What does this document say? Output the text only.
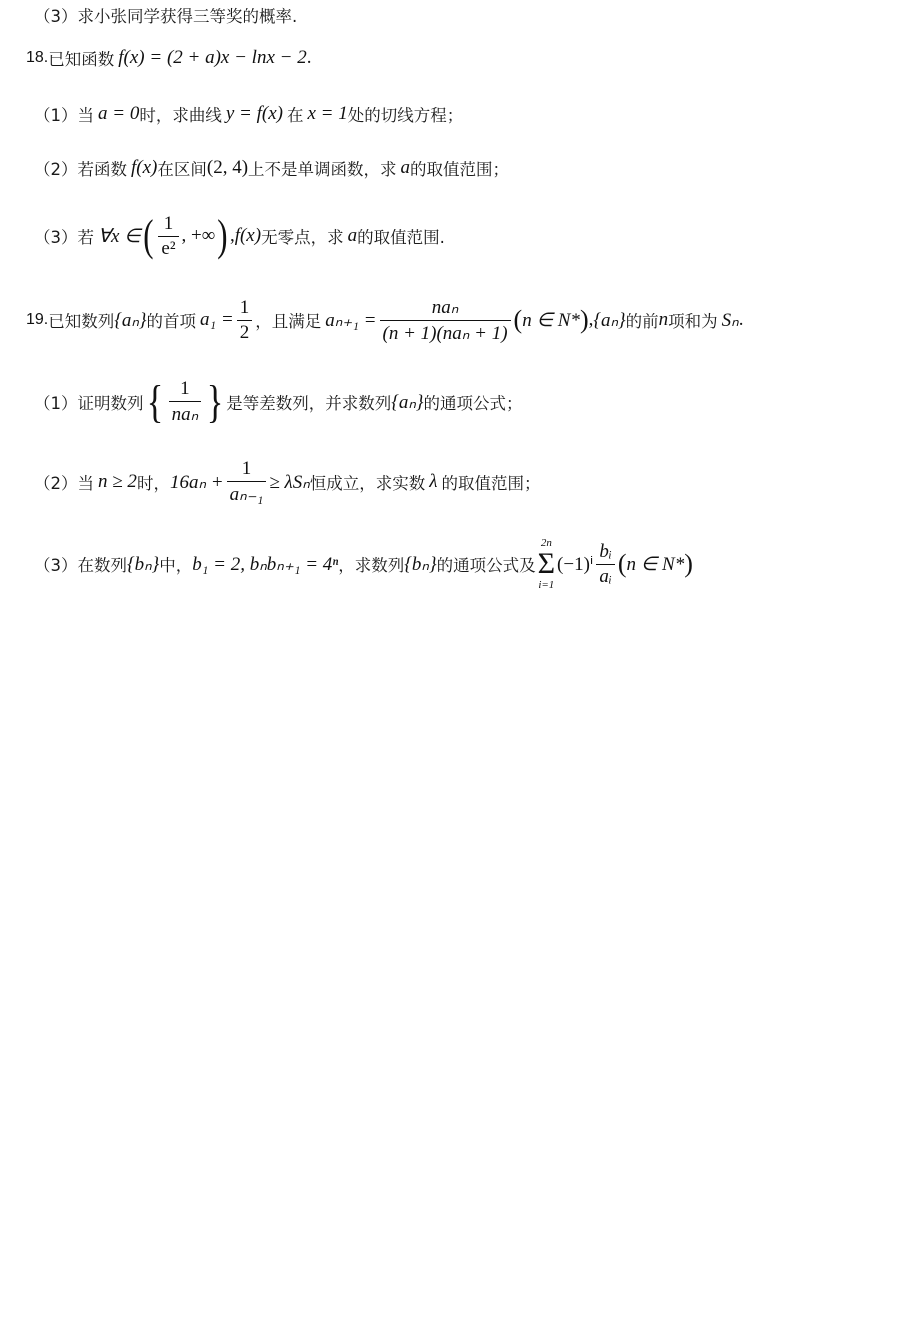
（3） 求小张同学获得三等奖的概率.
18. 已知函数 f(x) = (2 + a)x − lnx − 2 .
（1） 当 a = 0 时，求曲线 y = f(x) 在 x = 1 处的切线方程；
（2） 若函数 f(x) 在区间 (2, 4) 上不是单调函数，求 a 的取值范围；
（3） 若 ∀x ∈ ( $\frac{1}{\text{e²}}$ , +∞ ) , f(x) 无零点，求 a 的取值范围.
19. 已知数列 {aₙ} 的首项 $a_1 = \frac{1}{2}$ ，且满足 $a_{n+1} = \frac{\text{naₙ}}{\text{(n + 1)(naₙ + 1)}}$ ( n ∈ N* ) , {aₙ} 的前 n 项和为 Sₙ .
（1） 证明数列 { $\frac{1}{\text{naₙ}}$ } 是等差数列，并求数列 {aₙ} 的通项公式；
（2） 当 n ≥ 2 时， $16a_n + \frac{1}{\text{aₙ₋₁}} \ge \lambda S_n$ 恒成立，求实数 λ 的取值范围；
（3） 在数列 {bₙ} 中， b₁ = 2, bₙbₙ₊₁ = 4ⁿ ，求数列 {bₙ} 的通项公式及
2n
Σ
i=1
$(-1)^i \frac{\text{bᵢ}}{\text{aᵢ}}$ ( n ∈ N* )
